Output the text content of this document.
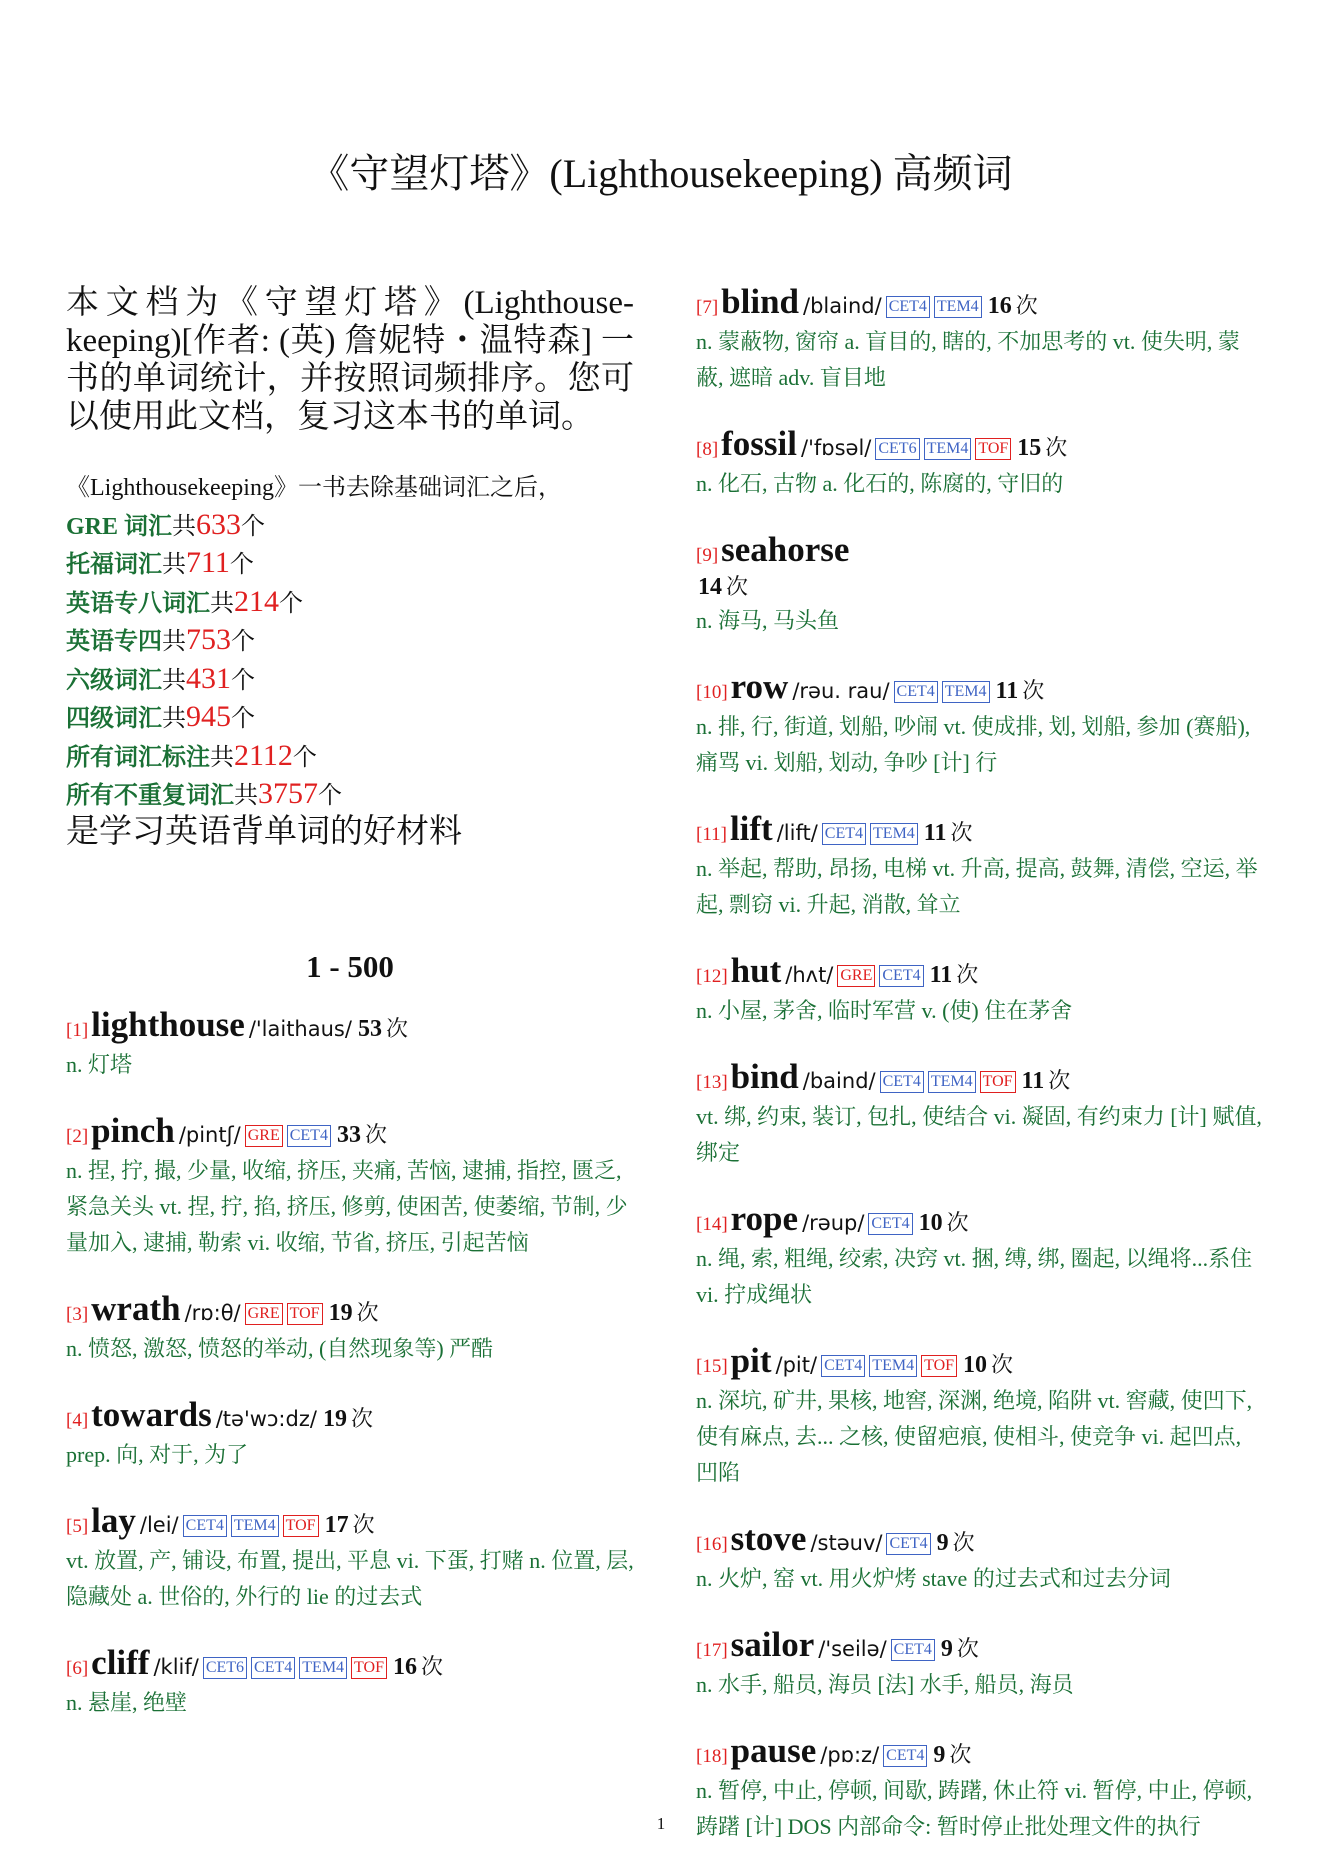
《守望灯塔》(Lighthousekeeping) 高频词
本文档为《守望灯塔》(Lighthouse-keeping)[作者: (英) 詹妮特・温特森] 一书的单词统计，并按照词频排序。您可以使用此文档，复习这本书的单词。
《Lighthousekeeping》一书去除基础词汇之后，
GRE 词汇共633个
托福词汇共711个
英语专八词汇共214个
英语专四共753个
六级词汇共431个
四级词汇共945个
所有词汇标注共2112个
所有不重复词汇共3757个
是学习英语背单词的好材料
1 - 500
[1] lighthouse /'laithaus/ 53 次
n. 灯塔
[2] pinch /pintʃ/ GRE CET4 33 次
n. 捏, 拧, 撮, 少量, 收缩, 挤压, 夹痛, 苦恼, 逮捕, 指控, 匮乏, 紧急关头 vt. 捏, 拧, 掐, 挤压, 修剪, 使困苦, 使萎缩, 节制, 少量加入, 逮捕, 勒索 vi. 收缩, 节省, 挤压, 引起苦恼
[3] wrath /rɒ:θ/ GRE TOF 19 次
n. 愤怒, 激怒, 愤怒的举动, (自然现象等) 严酷
[4] towards /tə'wɔ:dz/ 19 次
prep. 向, 对于, 为了
[5] lay /lei/ CET4 TEM4 TOF 17 次
vt. 放置, 产, 铺设, 布置, 提出, 平息 vi. 下蛋, 打赌 n. 位置, 层, 隐藏处 a. 世俗的, 外行的 lie 的过去式
[6] cliff /klif/ CET6 CET4 TEM4 TOF 16 次
n. 悬崖, 绝壁
[7] blind /blaind/ CET4 TEM4 16 次
n. 蒙蔽物, 窗帘 a. 盲目的, 瞎的, 不加思考的 vt. 使失明, 蒙蔽, 遮暗 adv. 盲目地
[8] fossil /'fɒsəl/ CET6 TEM4 TOF 15 次
n. 化石, 古物 a. 化石的, 陈腐的, 守旧的
[9] seahorse
14 次
n. 海马, 马头鱼
[10] row /rəu. rau/ CET4 TEM4 11 次
n. 排, 行, 街道, 划船, 吵闹 vt. 使成排, 划, 划船, 参加 (赛船), 痛骂 vi. 划船, 划动, 争吵 [计] 行
[11] lift /lift/ CET4 TEM4 11 次
n. 举起, 帮助, 昂扬, 电梯 vt. 升高, 提高, 鼓舞, 清偿, 空运, 举起, 剽窃 vi. 升起, 消散, 耸立
[12] hut /hʌt/ GRE CET4 11 次
n. 小屋, 茅舍, 临时军营 v. (使) 住在茅舍
[13] bind /baind/ CET4 TEM4 TOF 11 次
vt. 绑, 约束, 装订, 包扎, 使结合 vi. 凝固, 有约束力 [计] 赋值, 绑定
[14] rope /rəup/ CET4 10 次
n. 绳, 索, 粗绳, 绞索, 决窍 vt. 捆, 缚, 绑, 圈起, 以绳将...系住 vi. 拧成绳状
[15] pit /pit/ CET4 TEM4 TOF 10 次
n. 深坑, 矿井, 果核, 地窖, 深渊, 绝境, 陷阱 vt. 窖藏, 使凹下, 使有麻点, 去... 之核, 使留疤痕, 使相斗, 使竞争 vi. 起凹点, 凹陷
[16] stove /stəuv/ CET4 9 次
n. 火炉, 窑 vt. 用火炉烤 stave 的过去式和过去分词
[17] sailor /'seilə/ CET4 9 次
n. 水手, 船员, 海员 [法] 水手, 船员, 海员
[18] pause /pɒ:z/ CET4 9 次
n. 暂停, 中止, 停顿, 间歇, 踌躇, 休止符 vi. 暂停, 中止, 停顿, 踌躇 [计] DOS 内部命令: 暂时停止批处理文件的执行
1
